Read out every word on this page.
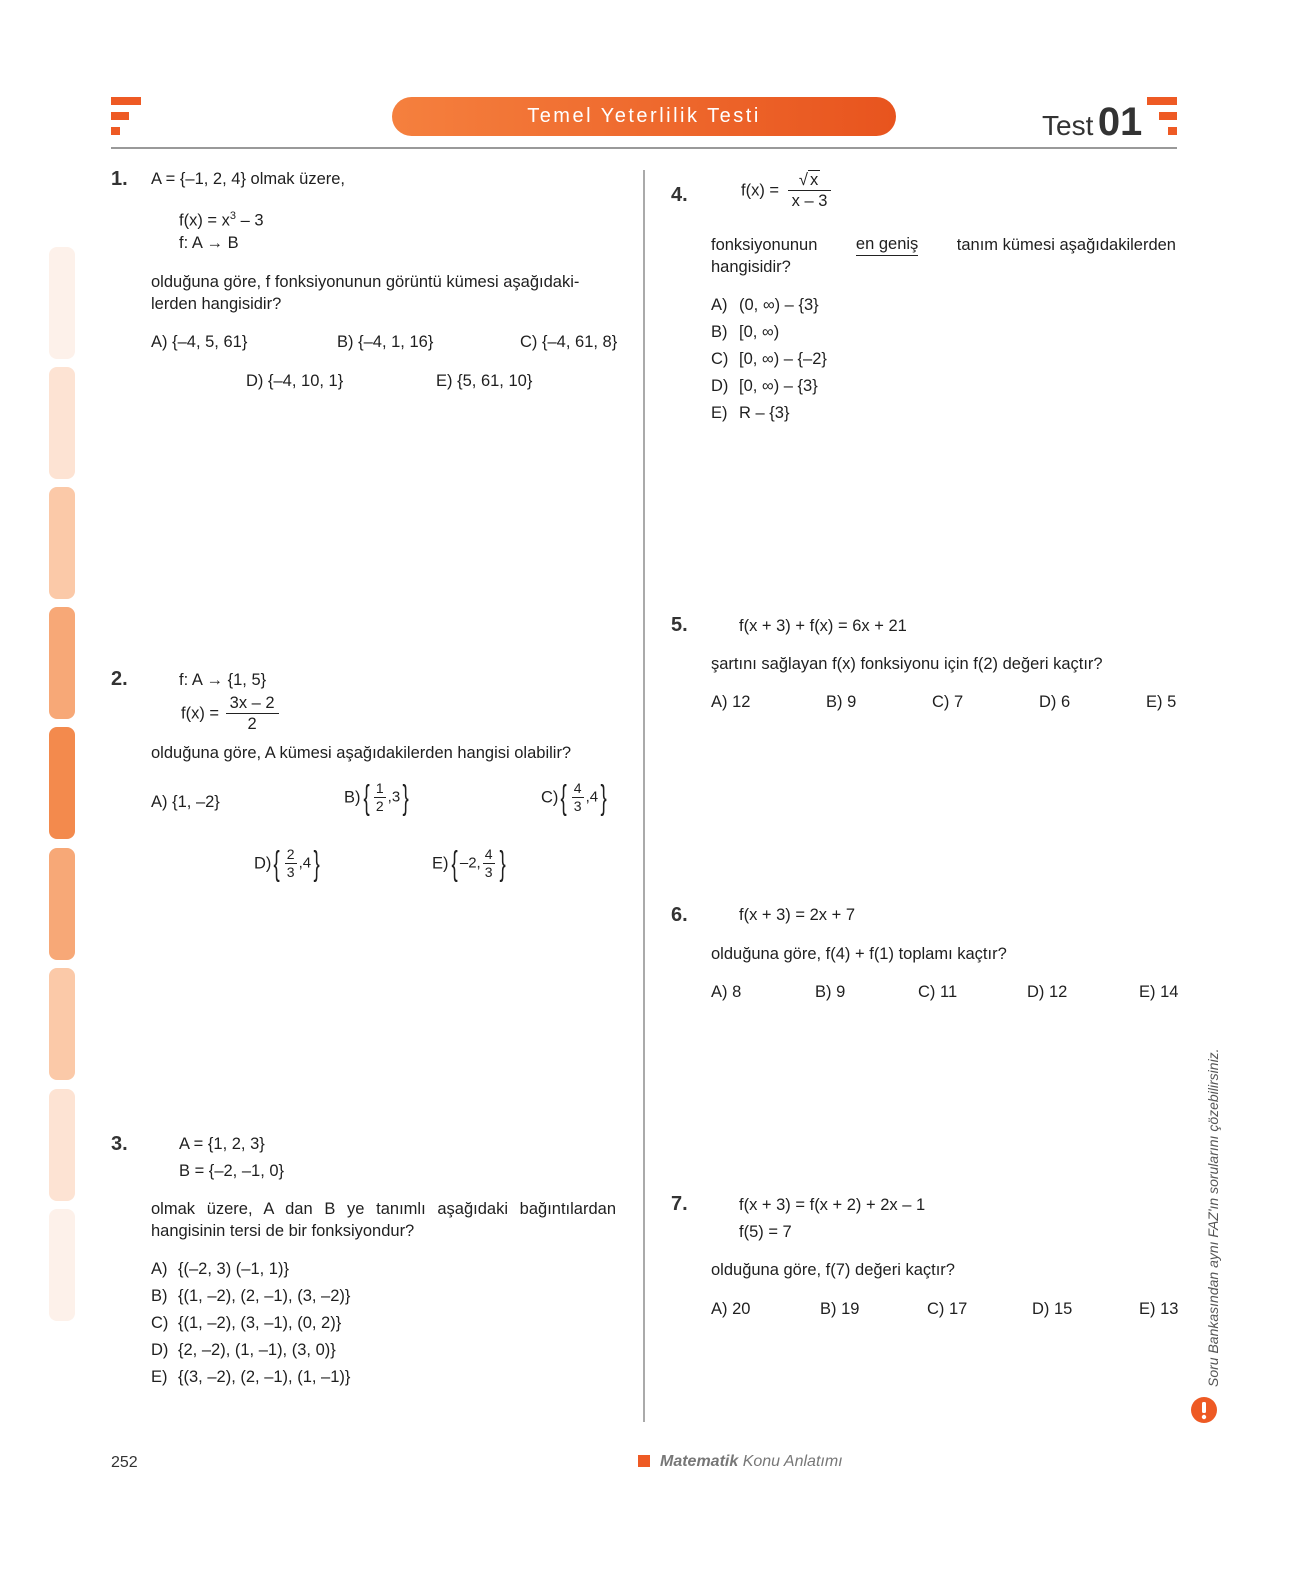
Temel Yeterlilik Testi	Test 01
1. A = {–1, 2, 4} olmak üzere,
$f(x) = x^3 - 3$
f: A → B
olduğuna göre, f fonksiyonunun görüntü kümesi aşağıdaki-
lerden hangisidir?
A) {–4, 5, 61}	B) {–4, 1, 16}	C) {–4, 61, 8}
D) {–4, 10, 1}	E) {5, 61, 10}
2.	f: A → {1, 5}
$f(x) = \frac{3x - 2}{2}$
olduğuna göre, A kümesi aşağıdakilerden hangisi olabilir?
A) {1, –2}	$B)\{ \frac{1}{2} ,3\}$	$C)\{ \frac{4}{3} ,4\}$
$D)\{ \frac{2}{3} ,4\}$	E){ –2, $\frac{4}{3}$ }
3.	A = {1, 2, 3}
B = {–2, –1, 0}
olmak üzere, A dan B ye tanımlı aşağıdaki bağıntılardan
hangisinin tersi de bir fonksiyondur?
A) {(–2, 3) (–1, 1)}
B) {(1, –2), (2, –1), (3, –2)}
C) {(1, –2), (3, –1), (0, 2)}
D) {2, –2), (1, –1), (3, 0)}
E) {(3, –2), (2, –1), (1, –1)}
4.	$f(x) = \frac{√ x}{x - 3}$
fonksiyonunun en geniş tanım kümesi aşağıdakilerden
hangisidir?
A) (0, ∞) – {3}
B) [0, ∞)
C) [0, ∞) – {–2}
D) [0, ∞) – {3}
E) R – {3}
5.	f(x + 3) + f(x) = 6x + 21
şartını sağlayan f(x) fonksiyonu için f(2) değeri kaçtır?
A) 12	B) 9	C) 7	D) 6	E) 5
6.	f(x + 3) = 2x + 7
olduğuna göre, f(4) + f(1) toplamı kaçtır?
A) 8	B) 9	C) 11	D) 12	E) 14
7.	f(x + 3) = f(x + 2) + 2x – 1
f(5) = 7
olduğuna göre, f(7) değeri kaçtır?
A) 20	B) 19	C) 17	D) 15	E) 13 Soru Bankasından aynı FAZ'ın sorularını çözebilirsiniz.
252	Matematik Konu Anlatımı
